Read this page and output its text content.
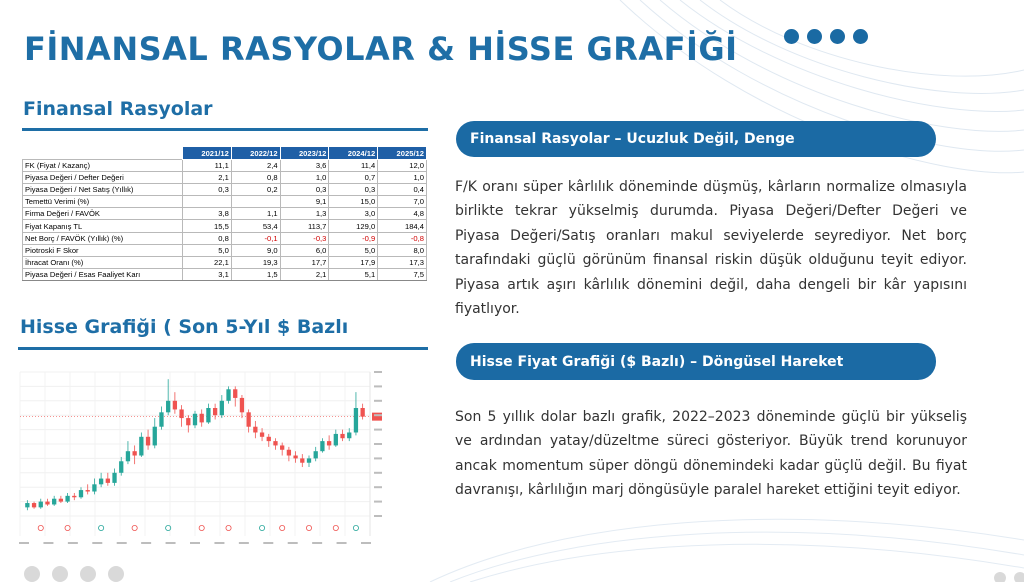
FİNANSAL RASYOLAR & HİSSE GRAFİĞİ
Finansal Rasyolar
	2021/12	2022/12	2023/12	2024/12	2025/12
FK (Fiyat / Kazanç)	11,1	2,4	3,6	11,4	12,0
Piyasa Değeri / Defter Değeri	2,1	0,8	1,0	0,7	1,0
Piyasa Değeri / Net Satış (Yıllık)	0,3	0,2	0,3	0,3	0,4
Temettü Verimi (%)			9,1	15,0	7,0
Firma Değeri / FAVÖK	3,8	1,1	1,3	3,0	4,8
Fiyat Kapanış TL	15,5	53,4	113,7	129,0	184,4
Net Borç / FAVÖK (Yıllık) (%)	0,8	-0,1	-0,3	-0,9	-0,8
Piotroski F Skor	5,0	9,0	6,0	5,0	8,0
İhracat Oranı (%)	22,1	19,3	17,7	17,9	17,3
Piyasa Değeri / Esas Faaliyet Karı	3,1	1,5	2,1	5,1	7,5
Hisse Grafiği ( Son 5-Yıl $ Bazlı
Finansal Rasyolar – Ucuzluk Değil, Denge

F/K oranı süper kârlılık döneminde düşmüş, kârların normalize olmasıyla birlikte tekrar yükselmiş durumda. Piyasa Değeri/Defter Değeri ve Piyasa Değeri/Satış oranları makul seviyelerde seyrediyor. Net borç tarafındaki güçlü görünüm finansal riskin düşük olduğunu teyit ediyor. Piyasa artık aşırı kârlılık dönemini değil, daha dengeli bir kâr yapısını fiyatlıyor.

Hisse Fiyat Grafiği ($ Bazlı) – Döngüsel Hareket

Son 5 yıllık dolar bazlı grafik, 2022–2023 döneminde güçlü bir yükseliş ve ardından yatay/düzeltme süreci gösteriyor. Büyük trend korunuyor ancak momentum süper döngü dönemindeki kadar güçlü değil. Bu fiyat davranışı, kârlılığın marj döngüsüyle paralel hareket ettiğini teyit ediyor.
